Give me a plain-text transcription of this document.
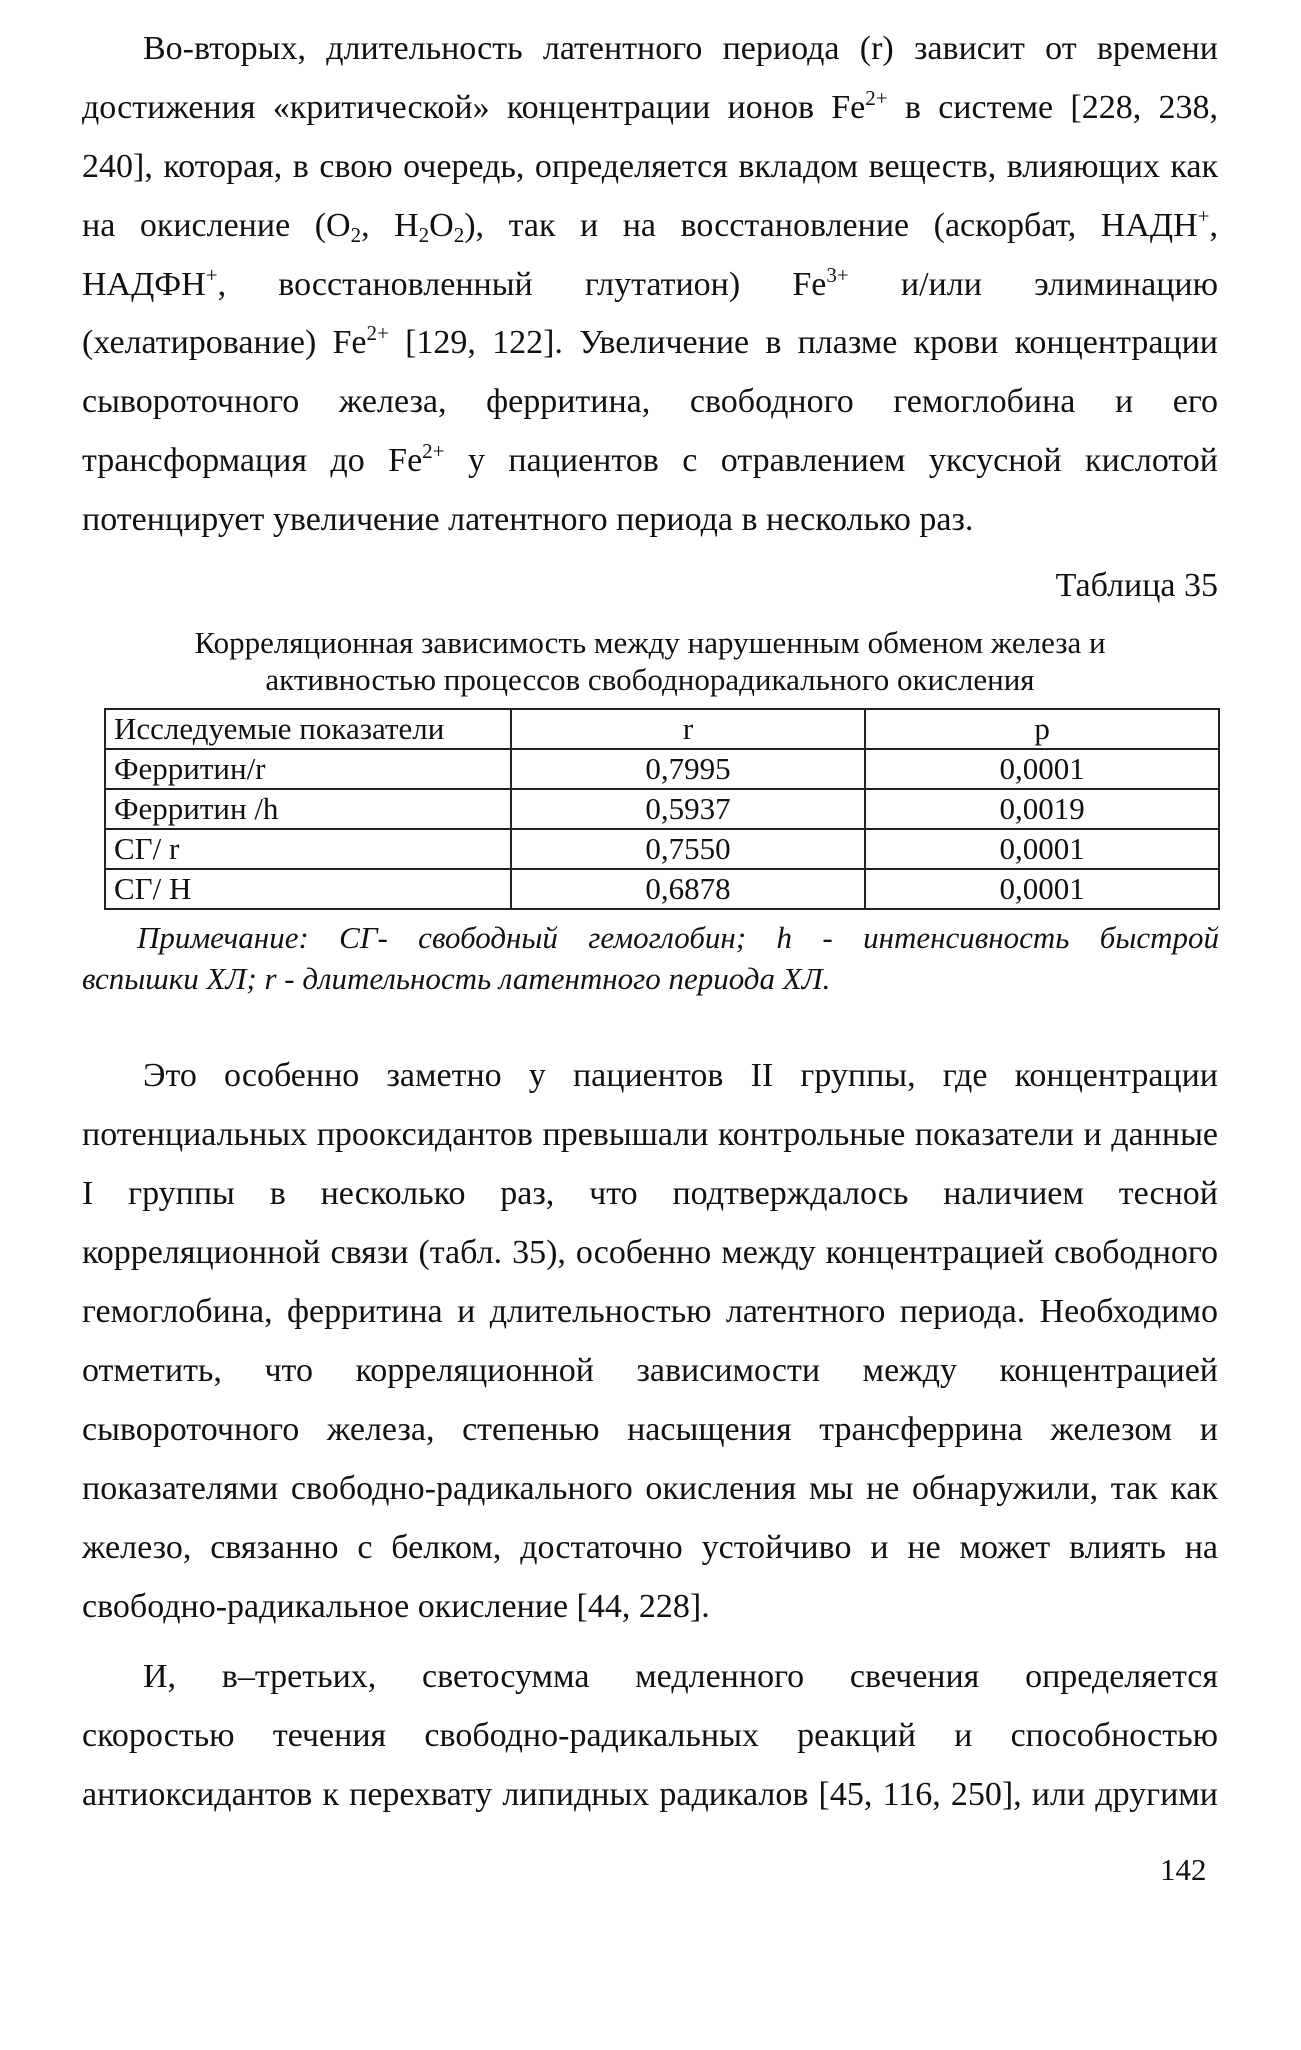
Во-вторых, длительность латентного периода (r) зависит от времени
достижения «критической» концентрации ионов $Fe^{2+}$ в системе [228, 238,
240], которая, в свою очередь, определяется вкладом веществ, влияющих как
на окисление ($O_2$, $H_2O_2$), так и на восстановление (аскорбат, НАДН+,
НАДФН+, восстановленный глутатион) $Fe^{3+}$ и/или элиминацию
(хелатирование) $Fe^{2+}$ [129, 122]. Увеличение в плазме крови концентрации
сывороточного железа, ферритина, свободного гемоглобина и его
трансформация до $Fe^{2+}$ у пациентов с отравлением уксусной кислотой
потенцирует увеличение латентного периода в несколько раз.
Таблица 35
Корреляционная зависимость между нарушенным обменом железа и
активностью процессов свободнорадикального окисления
Исследуемые показатели	r	p
Ферритин/r	0,7995	0,0001
Ферритин /h	0,5937	0,0019
СГ/ r	0,7550	0,0001
СГ/ Н	0,6878	0,0001
Примечание: СГ- свободный гемоглобин; h - интенсивность быстрой
вспышки ХЛ; r - длительность латентного периода ХЛ.
Это особенно заметно у пациентов II группы, где концентрации
потенциальных прооксидантов превышали контрольные показатели и данные
I группы в несколько раз, что подтверждалось наличием тесной
корреляционной связи (табл. 35), особенно между концентрацией свободного
гемоглобина, ферритина и длительностью латентного периода. Необходимо
отметить, что корреляционной зависимости между концентрацией
сывороточного железа, степенью насыщения трансферрина железом и
показателями свободно-радикального окисления мы не обнаружили, так как
железо, связанно с белком, достаточно устойчиво и не может влиять на
свободно-радикальное окисление [44, 228].
И, в–третьих, светосумма медленного свечения определяется
скоростью течения свободно-радикальных реакций и способностью
антиоксидантов к перехвату липидных радикалов [45, 116, 250], или другими
142
